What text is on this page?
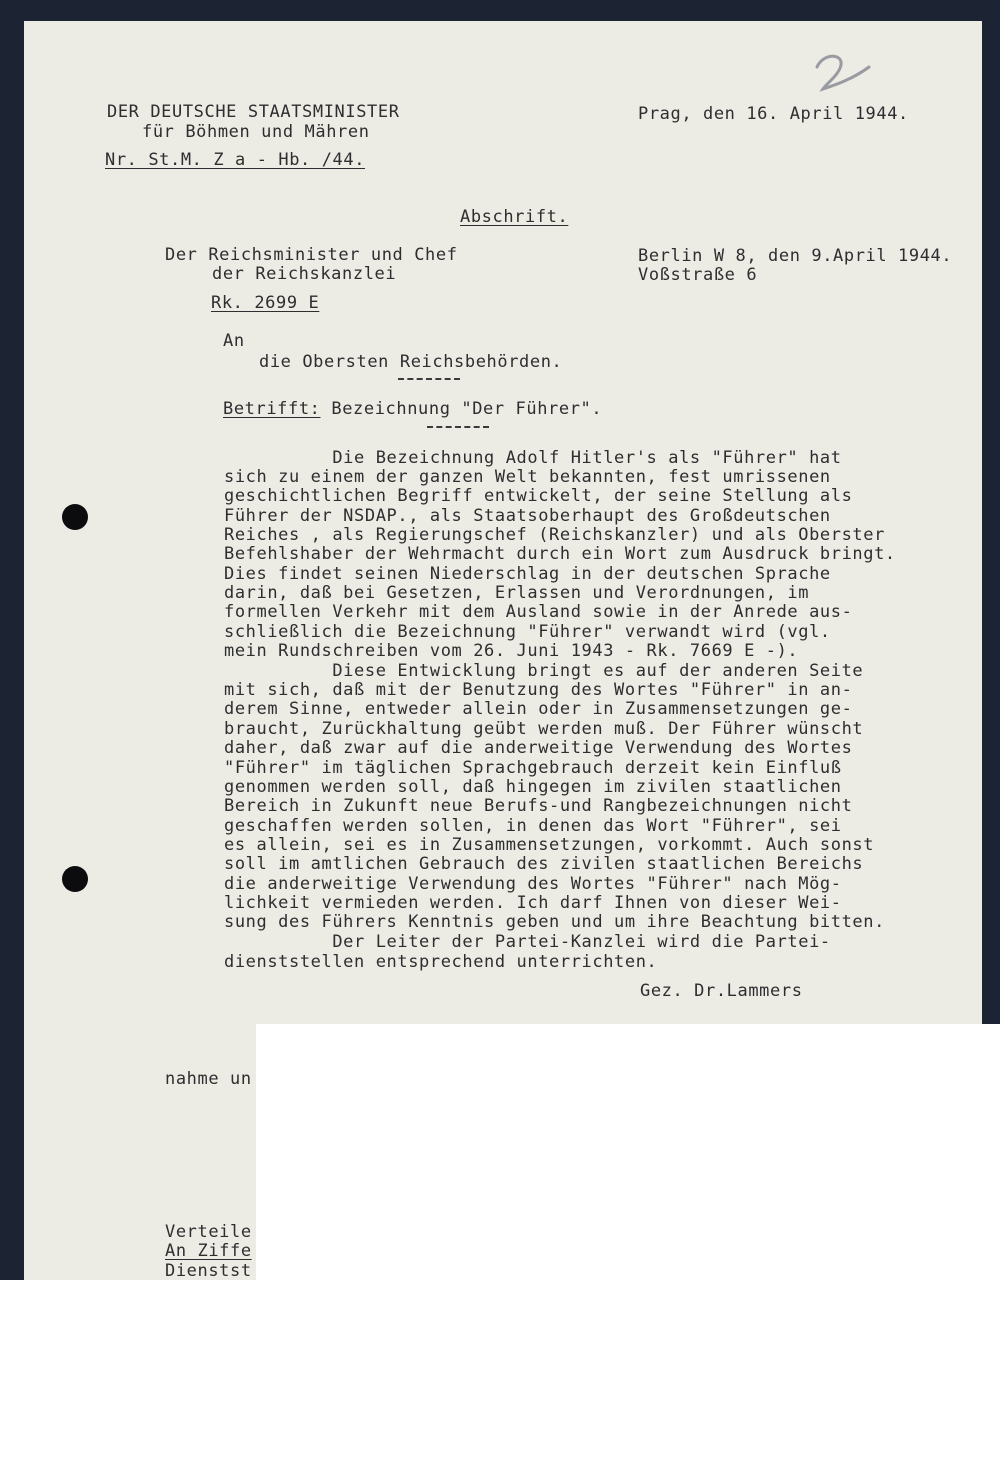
DER DEUTSCHE STAATSMINISTER
für Böhmen und Mähren
Nr. St.M. Z a - Hb. /44.
Prag, den 16. April 1944.
Abschrift.
Der Reichsminister und Chef
der Reichskanzlei
Rk. 2699 E
Berlin W 8, den 9.April 1944.
Voßstraße 6
An
die Obersten Reichsbehörden.
Betrifft: Bezeichnung "Der Führer".
Die Bezeichnung Adolf Hitler's als "Führer" hat
sich zu einem der ganzen Welt bekannten, fest umrissenen
geschichtlichen Begriff entwickelt, der seine Stellung als
Führer der NSDAP., als Staatsoberhaupt des Großdeutschen
Reiches , als Regierungschef (Reichskanzler) und als Oberster
Befehlshaber der Wehrmacht durch ein Wort zum Ausdruck bringt.
Dies findet seinen Niederschlag in der deutschen Sprache
darin, daß bei Gesetzen, Erlassen und Verordnungen, im
formellen Verkehr mit dem Ausland sowie in der Anrede aus-
schließlich die Bezeichnung "Führer" verwandt wird (vgl.
mein Rundschreiben vom 26. Juni 1943 - Rk. 7669 E -).
Diese Entwicklung bringt es auf der anderen Seite
mit sich, daß mit der Benutzung des Wortes "Führer" in an-
derem Sinne, entweder allein oder in Zusammensetzungen ge-
braucht, Zurückhaltung geübt werden muß. Der Führer wünscht
daher, daß zwar auf die anderweitige Verwendung des Wortes
"Führer" im täglichen Sprachgebrauch derzeit kein Einfluß
genommen werden soll, daß hingegen im zivilen staatlichen
Bereich in Zukunft neue Berufs-und Rangbezeichnungen nicht
geschaffen werden sollen, in denen das Wort "Führer", sei
es allein, sei es in Zusammensetzungen, vorkommt. Auch sonst
soll im amtlichen Gebrauch des zivilen staatlichen Bereichs
die anderweitige Verwendung des Wortes "Führer" nach Mög-
lichkeit vermieden werden. Ich darf Ihnen von dieser Wei-
sung des Führers Kenntnis geben und um ihre Beachtung bitten.
Der Leiter der Partei-Kanzlei wird die Partei-
dienststellen entsprechend unterrichten.
Gez. Dr.Lammers
nahme un
Verteile
An Ziffe
Dienstst
